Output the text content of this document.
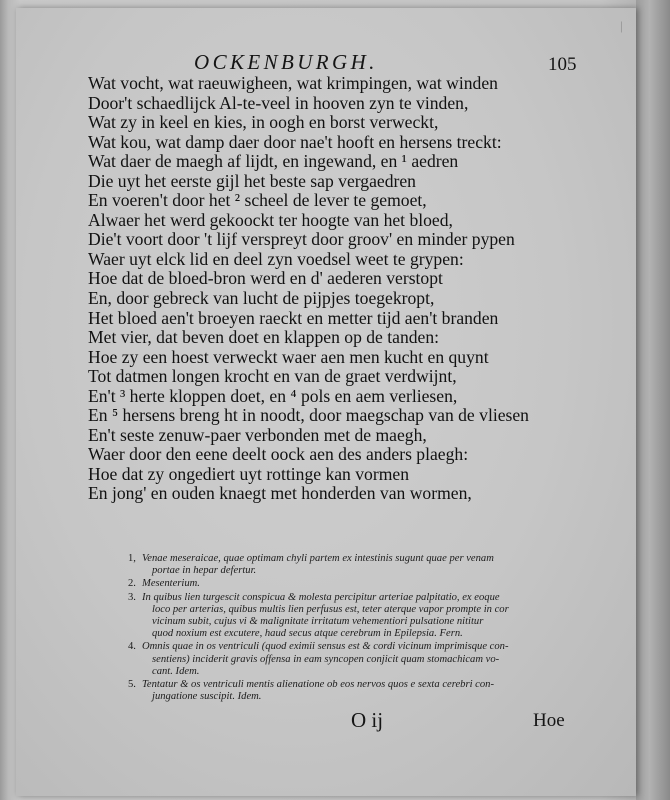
OCKENBURGH.	105
|
Wat vocht, wat raeuwigheen, wat krimpingen, wat winden
Door't schaedlijck Al-te-veel in hooven zyn te vinden,
Wat zy in keel en kies, in oogh en borst verweckt,
Wat kou, wat damp daer door nae't hooft en hersens treckt:
Wat daer de maegh af lijdt, en ingewand, en ¹ aedren
Die uyt het eerste gijl het beste sap vergaedren
En voeren't door het ² scheel de lever te gemoet,
Alwaer het werd gekoockt ter hoogte van het bloed,
Die't voort door 't lijf verspreyt door groov' en minder pypen
Waer uyt elck lid en deel zyn voedsel weet te grypen:
Hoe dat de bloed-bron werd en d' aederen verstopt
En, door gebreck van lucht de pijpjes toegekropt,
Het bloed aen't broeyen raeckt en metter tijd aen't branden
Met vier, dat beven doet en klappen op de tanden:
Hoe zy een hoest verweckt waer aen men kucht en quynt
Tot datmen longen krocht en van de graet verdwijnt,
En't ³ herte kloppen doet, en ⁴ pols en aem verliesen,
En ⁵ hersens breng ht in noodt, door maegschap van de vliesen
En't seste zenuw-paer verbonden met de maegh,
Waer door den eene deelt oock aen des anders plaegh:
Hoe dat zy ongediert uyt rottinge kan vormen
En jong' en ouden knaegt met honderden van wormen,
1, Venae meseraicae, quae optimam chyli partem ex intestinis sugunt quae per venam
portae in hepar defertur.
2. Mesenterium.
3. In quibus lien turgescit conspicua & molesta percipitur arteriae palpitatio, ex eoque
loco per arterias, quibus multis lien perfusus est, teter aterque vapor prompte in cor
vicinum subit, cujus vi & malignitate irritatum vehementiori pulsatione nititur
quod noxium est excutere, haud secus atque cerebrum in Epilepsia. Fern.
4. Omnis quae in os ventriculi (quod eximii sensus est & cordi vicinum imprimisque con-
sentiens) inciderit gravis offensa in eam syncopen conjicit quam stomachicam vo-
cant. Idem.
5. Tentatur & os ventriculi mentis alienatione ob eos nervos quos e sexta cerebri con-
jungatione suscipit. Idem.
O ij	Hoe
